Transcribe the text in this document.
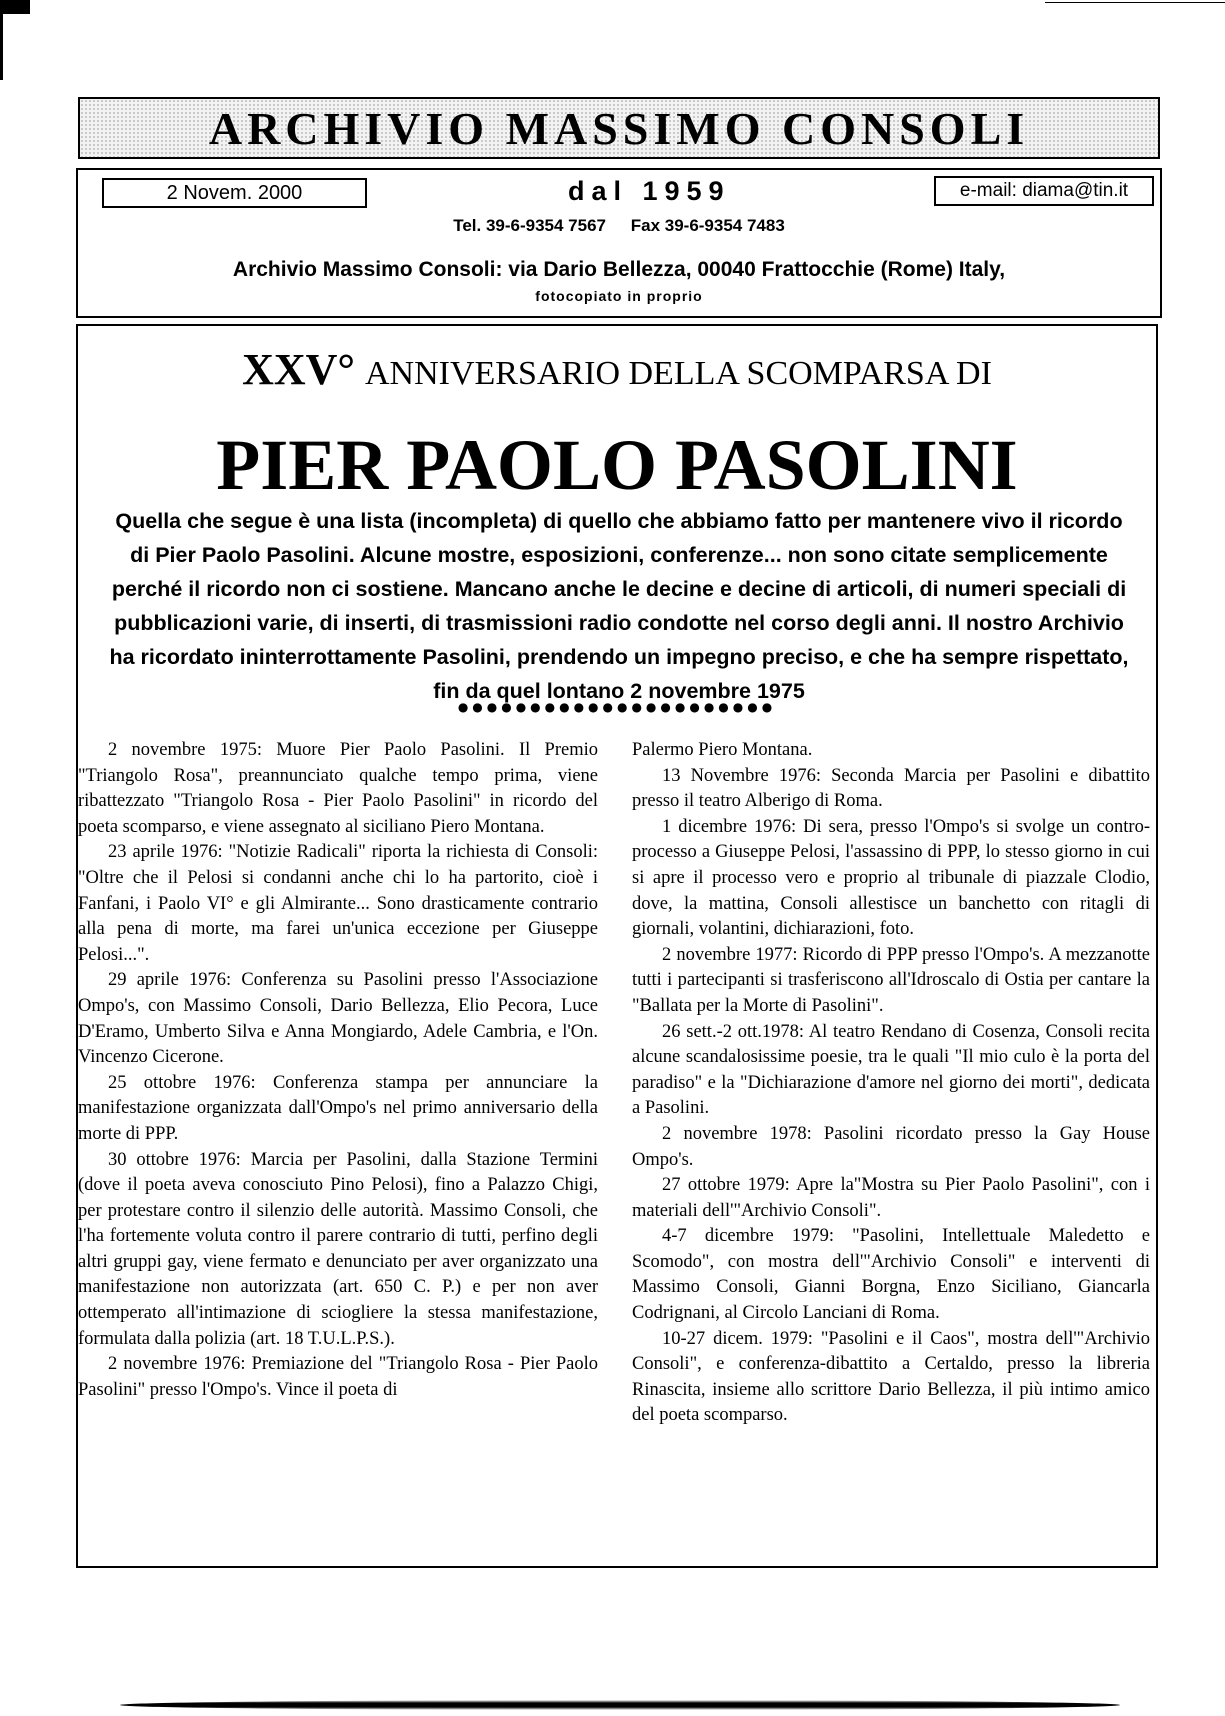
ARCHIVIO MASSIMO CONSOLI
2 Novem. 2000	dal 1959	e-mail: diama@tin.it
Tel. 39-6-9354 7567 Fax 39-6-9354 7483
Archivio Massimo Consoli: via Dario Bellezza, 00040 Frattocchie (Rome) Italy,
fotocopiato in proprio
XXV° ANNIVERSARIO DELLA SCOMPARSA DI
PIER PAOLO PASOLINI
Quella che segue è una lista (incompleta) di quello che abbiamo fatto per mantenere vivo il ricordo di Pier Paolo Pasolini. Alcune mostre, esposizioni, conferenze... non sono citate semplicemente perché il ricordo non ci sostiene. Mancano anche le decine e decine di articoli, di numeri speciali di pubblicazioni varie, di inserti, di trasmissioni radio condotte nel corso degli anni. Il nostro Archivio ha ricordato ininterrottamente Pasolini, prendendo un impegno preciso, e che ha sempre rispettato, fin da quel lontano 2 novembre 1975
●●●●●●●●●●●●●●●●●●●●●●

2 novembre 1975: Muore Pier Paolo Pasolini. Il Premio "Triangolo Rosa", preannunciato qualche tempo prima, viene ribattezzato "Triangolo Rosa - Pier Paolo Pasolini" in ricordo del poeta scomparso, e viene assegnato al siciliano Piero Montana.

23 aprile 1976: "Notizie Radicali" riporta la richiesta di Consoli: "Oltre che il Pelosi si condanni anche chi lo ha partorito, cioè i Fanfani, i Paolo VI° e gli Almirante... Sono drasticamente contrario alla pena di morte, ma farei un'unica eccezione per Giuseppe Pelosi...".

29 aprile 1976: Conferenza su Pasolini presso l'Associazione Ompo's, con Massimo Consoli, Dario Bellezza, Elio Pecora, Luce D'Eramo, Umberto Silva e Anna Mongiardo, Adele Cambria, e l'On. Vincenzo Cicerone.

25 ottobre 1976: Conferenza stampa per annunciare la manifestazione organizzata dall'Ompo's nel primo anniversario della morte di PPP.

30 ottobre 1976: Marcia per Pasolini, dalla Stazione Termini (dove il poeta aveva conosciuto Pino Pelosi), fino a Palazzo Chigi, per protestare contro il silenzio delle autorità. Massimo Consoli, che l'ha fortemente voluta contro il parere contrario di tutti, perfino degli altri gruppi gay, viene fermato e denunciato per aver organizzato una manifestazione non autorizzata (art. 650 C. P.) e per non aver ottemperato all'intimazione di sciogliere la stessa manifestazione, formulata dalla polizia (art. 18 T.U.L.P.S.).

2 novembre 1976: Premiazione del "Triangolo Rosa - Pier Paolo Pasolini" presso l'Ompo's. Vince il poeta di

Palermo Piero Montana.

13 Novembre 1976: Seconda Marcia per Pasolini e dibattito presso il teatro Alberigo di Roma.

1 dicembre 1976: Di sera, presso l'Ompo's si svolge un contro-processo a Giuseppe Pelosi, l'assassino di PPP, lo stesso giorno in cui si apre il processo vero e proprio al tribunale di piazzale Clodio, dove, la mattina, Consoli allestisce un banchetto con ritagli di giornali, volantini, dichiarazioni, foto.

2 novembre 1977: Ricordo di PPP presso l'Ompo's. A mezzanotte tutti i partecipanti si trasferiscono all'Idroscalo di Ostia per cantare la "Ballata per la Morte di Pasolini".

26 sett.-2 ott.1978: Al teatro Rendano di Cosenza, Consoli recita alcune scandalosissime poesie, tra le quali "Il mio culo è la porta del paradiso" e la "Dichiarazione d'amore nel giorno dei morti", dedicata a Pasolini.

2 novembre 1978: Pasolini ricordato presso la Gay House Ompo's.

27 ottobre 1979: Apre la"Mostra su Pier Paolo Pasolini", con i materiali dell'"Archivio Consoli".

4-7 dicembre 1979: "Pasolini, Intellettuale Maledetto e Scomodo", con mostra dell'"Archivio Consoli" e interventi di Massimo Consoli, Gianni Borgna, Enzo Siciliano, Giancarla Codrignani, al Circolo Lanciani di Roma.

10-27 dicem. 1979: "Pasolini e il Caos", mostra dell'"Archivio Consoli", e conferenza-dibattito a Certaldo, presso la libreria Rinascita, insieme allo scrittore Dario Bellezza, il più intimo amico del poeta scomparso.
